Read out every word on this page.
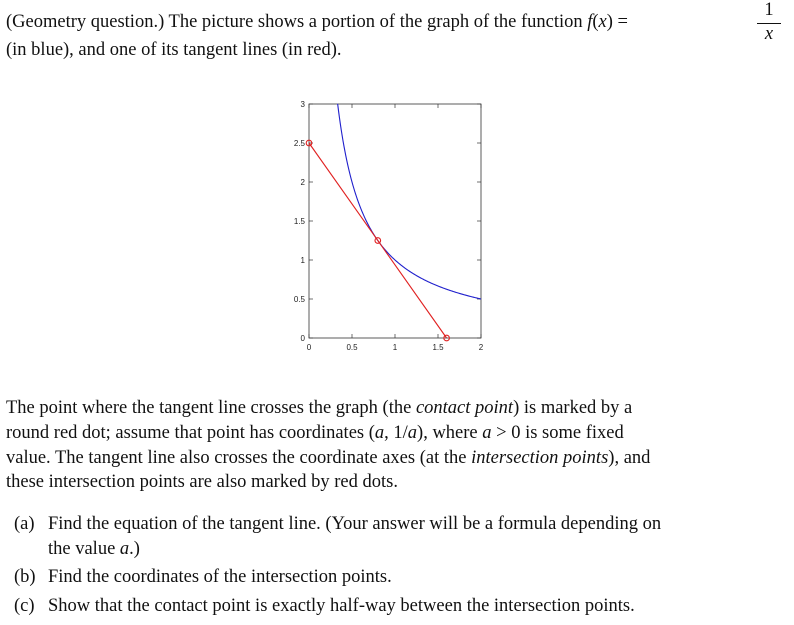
(Geometry question.) The picture shows a portion of the graph of the function f(x) =
1
x
(in blue), and one of its tangent lines (in red).
0	0.5	1	1.5	2
0
0.5
1
1.5
2
2.5
3
The point where the tangent line crosses the graph (the contact point) is marked by a
round red dot; assume that point has coordinates (a, 1/a), where a > 0 is some fixed
value. The tangent line also crosses the coordinate axes (at the intersection points), and
these intersection points are also marked by red dots.
(a) Find the equation of the tangent line. (Your answer will be a formula depending on
the value a.)
(b) Find the coordinates of the intersection points.
(c) Show that the contact point is exactly half-way between the intersection points.
